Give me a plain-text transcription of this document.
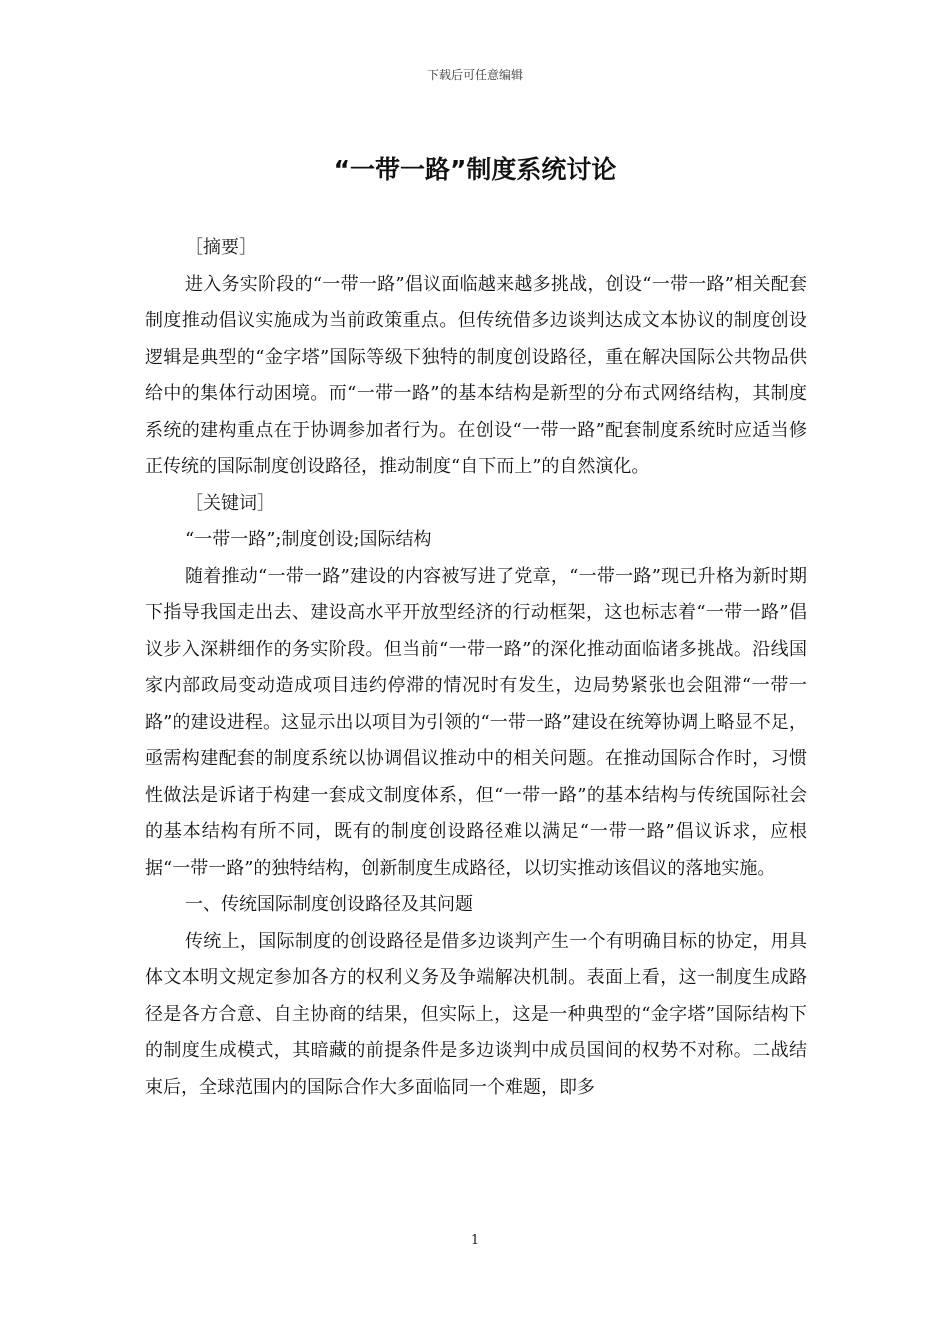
下载后可任意编辑
“一带一路”制度系统讨论

［摘要］

进入务实阶段的“一带一路”倡议面临越来越多挑战，创设“一带一路”相关配套制度推动倡议实施成为当前政策重点。但传统借多边谈判达成文本协议的制度创设逻辑是典型的“金字塔”国际等级下独特的制度创设路径，重在解决国际公共物品供给中的集体行动困境。而“一带一路”的基本结构是新型的分布式网络结构，其制度系统的建构重点在于协调参加者行为。在创设“一带一路”配套制度系统时应适当修正传统的国际制度创设路径，推动制度“自下而上”的自然演化。

［关键词］

“一带一路”;制度创设;国际结构

随着推动“一带一路”建设的内容被写进了党章，“一带一路”现已升格为新时期下指导我国走出去、建设高水平开放型经济的行动框架，这也标志着“一带一路”倡议步入深耕细作的务实阶段。但当前“一带一路”的深化推动面临诸多挑战。沿线国家内部政局变动造成项目违约停滞的情况时有发生，边局势紧张也会阻滞“一带一路”的建设进程。这显示出以项目为引领的“一带一路”建设在统筹协调上略显不足，亟需构建配套的制度系统以协调倡议推动中的相关问题。在推动国际合作时，习惯性做法是诉诸于构建一套成文制度体系，但“一带一路”的基本结构与传统国际社会的基本结构有所不同，既有的制度创设路径难以满足“一带一路”倡议诉求，应根据“一带一路”的独特结构，创新制度生成路径，以切实推动该倡议的落地实施。

一、传统国际制度创设路径及其问题

传统上，国际制度的创设路径是借多边谈判产生一个有明确目标的协定，用具体文本明文规定参加各方的权利义务及争端解决机制。表面上看，这一制度生成路径是各方合意、自主协商的结果，但实际上，这是一种典型的“金字塔”国际结构下的制度生成模式，其暗藏的前提条件是多边谈判中成员国间的权势不对称。二战结束后，全球范围内的国际合作大多面临同一个难题，即多

1
